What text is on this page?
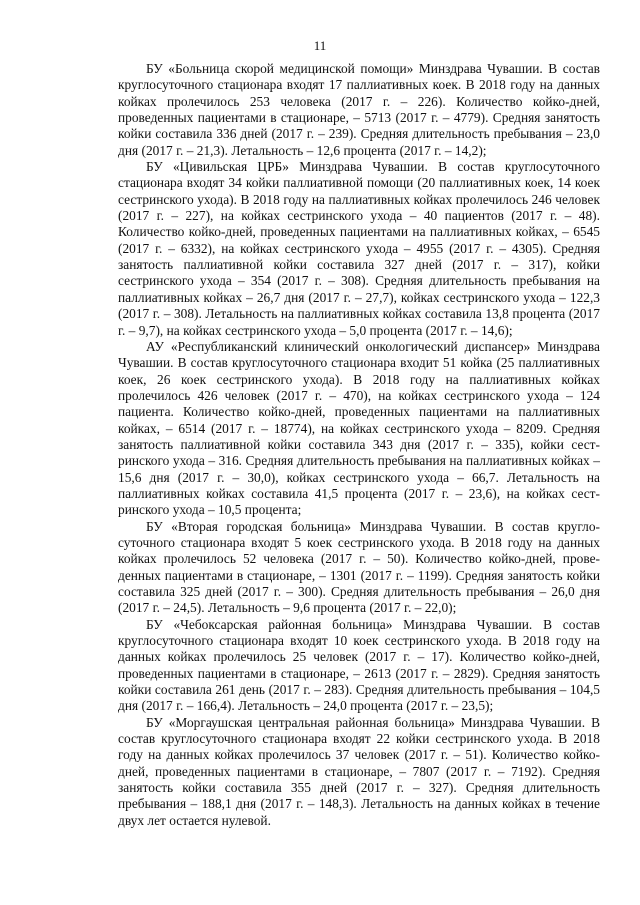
11

БУ «Больница скорой медицинской помощи» Минздрава Чувашии. В состав круглосуточного стационара входят 17 паллиативных коек. В 2018 году на данных койках пролечилось 253 человека (2017 г. – 226). Количество койко-дней, проведенных пациентами в стационаре, – 5713 (2017 г. – 4779). Средняя занятость койки составила 336 дней (2017 г. – 239). Средняя длительность пребывания – 23,0 дня (2017 г. – 21,3). Летальность – 12,6 процента (2017 г. – 14,2);

БУ «Цивильская ЦРБ» Минздрава Чувашии. В состав круглосуточного стационара входят 34 койки паллиативной помощи (20 паллиативных коек, 14 коек сестринского ухода). В 2018 году на паллиативных койках пролечилось 246 человек (2017 г. – 227), на койках сестринского ухода – 40 пациентов (2017 г. – 48). Количество койко-дней, проведенных пациентами на паллиативных койках, – 6545 (2017 г. – 6332), на койках сестринского ухода – 4955 (2017 г. – 4305). Средняя занятость паллиативной койки составила 327 дней (2017 г. – 317), койки сестринского ухода – 354 (2017 г. – 308). Средняя длительность пребывания на паллиативных койках – 26,7 дня (2017 г. – 27,7), койках сестринского ухода – 122,3 (2017 г. – 308). Летальность на паллиативных койках составила 13,8 процента (2017 г. – 9,7), на койках сестринского ухода – 5,0 процента (2017 г. – 14,6);

АУ «Республиканский клинический онкологический диспансер» Минздрава Чувашии. В состав круглосуточного стационара входит 51 койка (25 паллиативных коек, 26 коек сестринского ухода). В 2018 году на паллиативных койках пролечилось 426 человек (2017 г. – 470), на койках сестринского ухода – 124 пациента. Количество койко-дней, проведенных пациентами на паллиативных койках, – 6514 (2017 г. – 18774), на койках сестринского ухода – 8209. Средняя занятость паллиативной койки составила 343 дня (2017 г. – 335), койки сестринского ухода – 316. Средняя длительность пребывания на паллиативных койках – 15,6 дня (2017 г. – 30,0), койках сестринского ухода – 66,7. Летальность на паллиативных койках составила 41,5 процента (2017 г. – 23,6), на койках сестринского ухода – 10,5 процента;

БУ «Вторая городская больница» Минздрава Чувашии. В состав круглосуточного стационара входят 5 коек сестринского ухода. В 2018 году на данных койках пролечилось 52 человека (2017 г. – 50). Количество койко-дней, проведенных пациентами в стационаре, – 1301 (2017 г. – 1199). Средняя занятость койки составила 325 дней (2017 г. – 300). Средняя длительность пребывания – 26,0 дня (2017 г. – 24,5). Летальность – 9,6 процента (2017 г. – 22,0);

БУ «Чебоксарская районная больница» Минздрава Чувашии. В состав круглосуточного стационара входят 10 коек сестринского ухода. В 2018 году на данных койках пролечилось 25 человек (2017 г. – 17). Количество койко-дней, проведенных пациентами в стационаре, – 2613 (2017 г. – 2829). Средняя занятость койки составила 261 день (2017 г. – 283). Средняя длительность пребывания – 104,5 дня (2017 г. – 166,4). Летальность – 24,0 процента (2017 г. – 23,5);

БУ «Моргаушская центральная районная больница» Минздрава Чувашии. В состав круглосуточного стационара входят 22 койки сестринского ухода. В 2018 году на данных койках пролечилось 37 человек (2017 г. – 51). Количество койко-дней, проведенных пациентами в стационаре, – 7807 (2017 г. – 7192). Средняя занятость койки составила 355 дней (2017 г. – 327). Средняя длительность пребывания – 188,1 дня (2017 г. – 148,3). Летальность на данных койках в течение двух лет остается нулевой.
